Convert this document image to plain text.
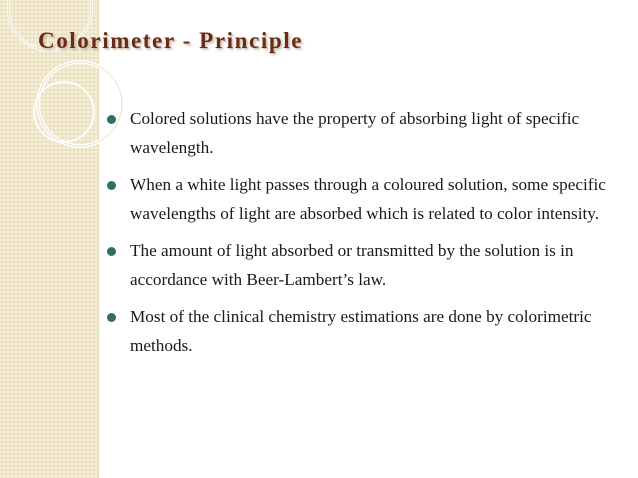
Colorimeter - Principle
Colored solutions have the property of absorbing light of specific wavelength.
When a white light passes through a coloured solution, some specific wavelengths of light are absorbed which is related to color intensity.
The amount of light absorbed or transmitted by the solution is in accordance with Beer-Lambert’s law.
Most of the clinical chemistry estimations are done by colorimetric methods.
